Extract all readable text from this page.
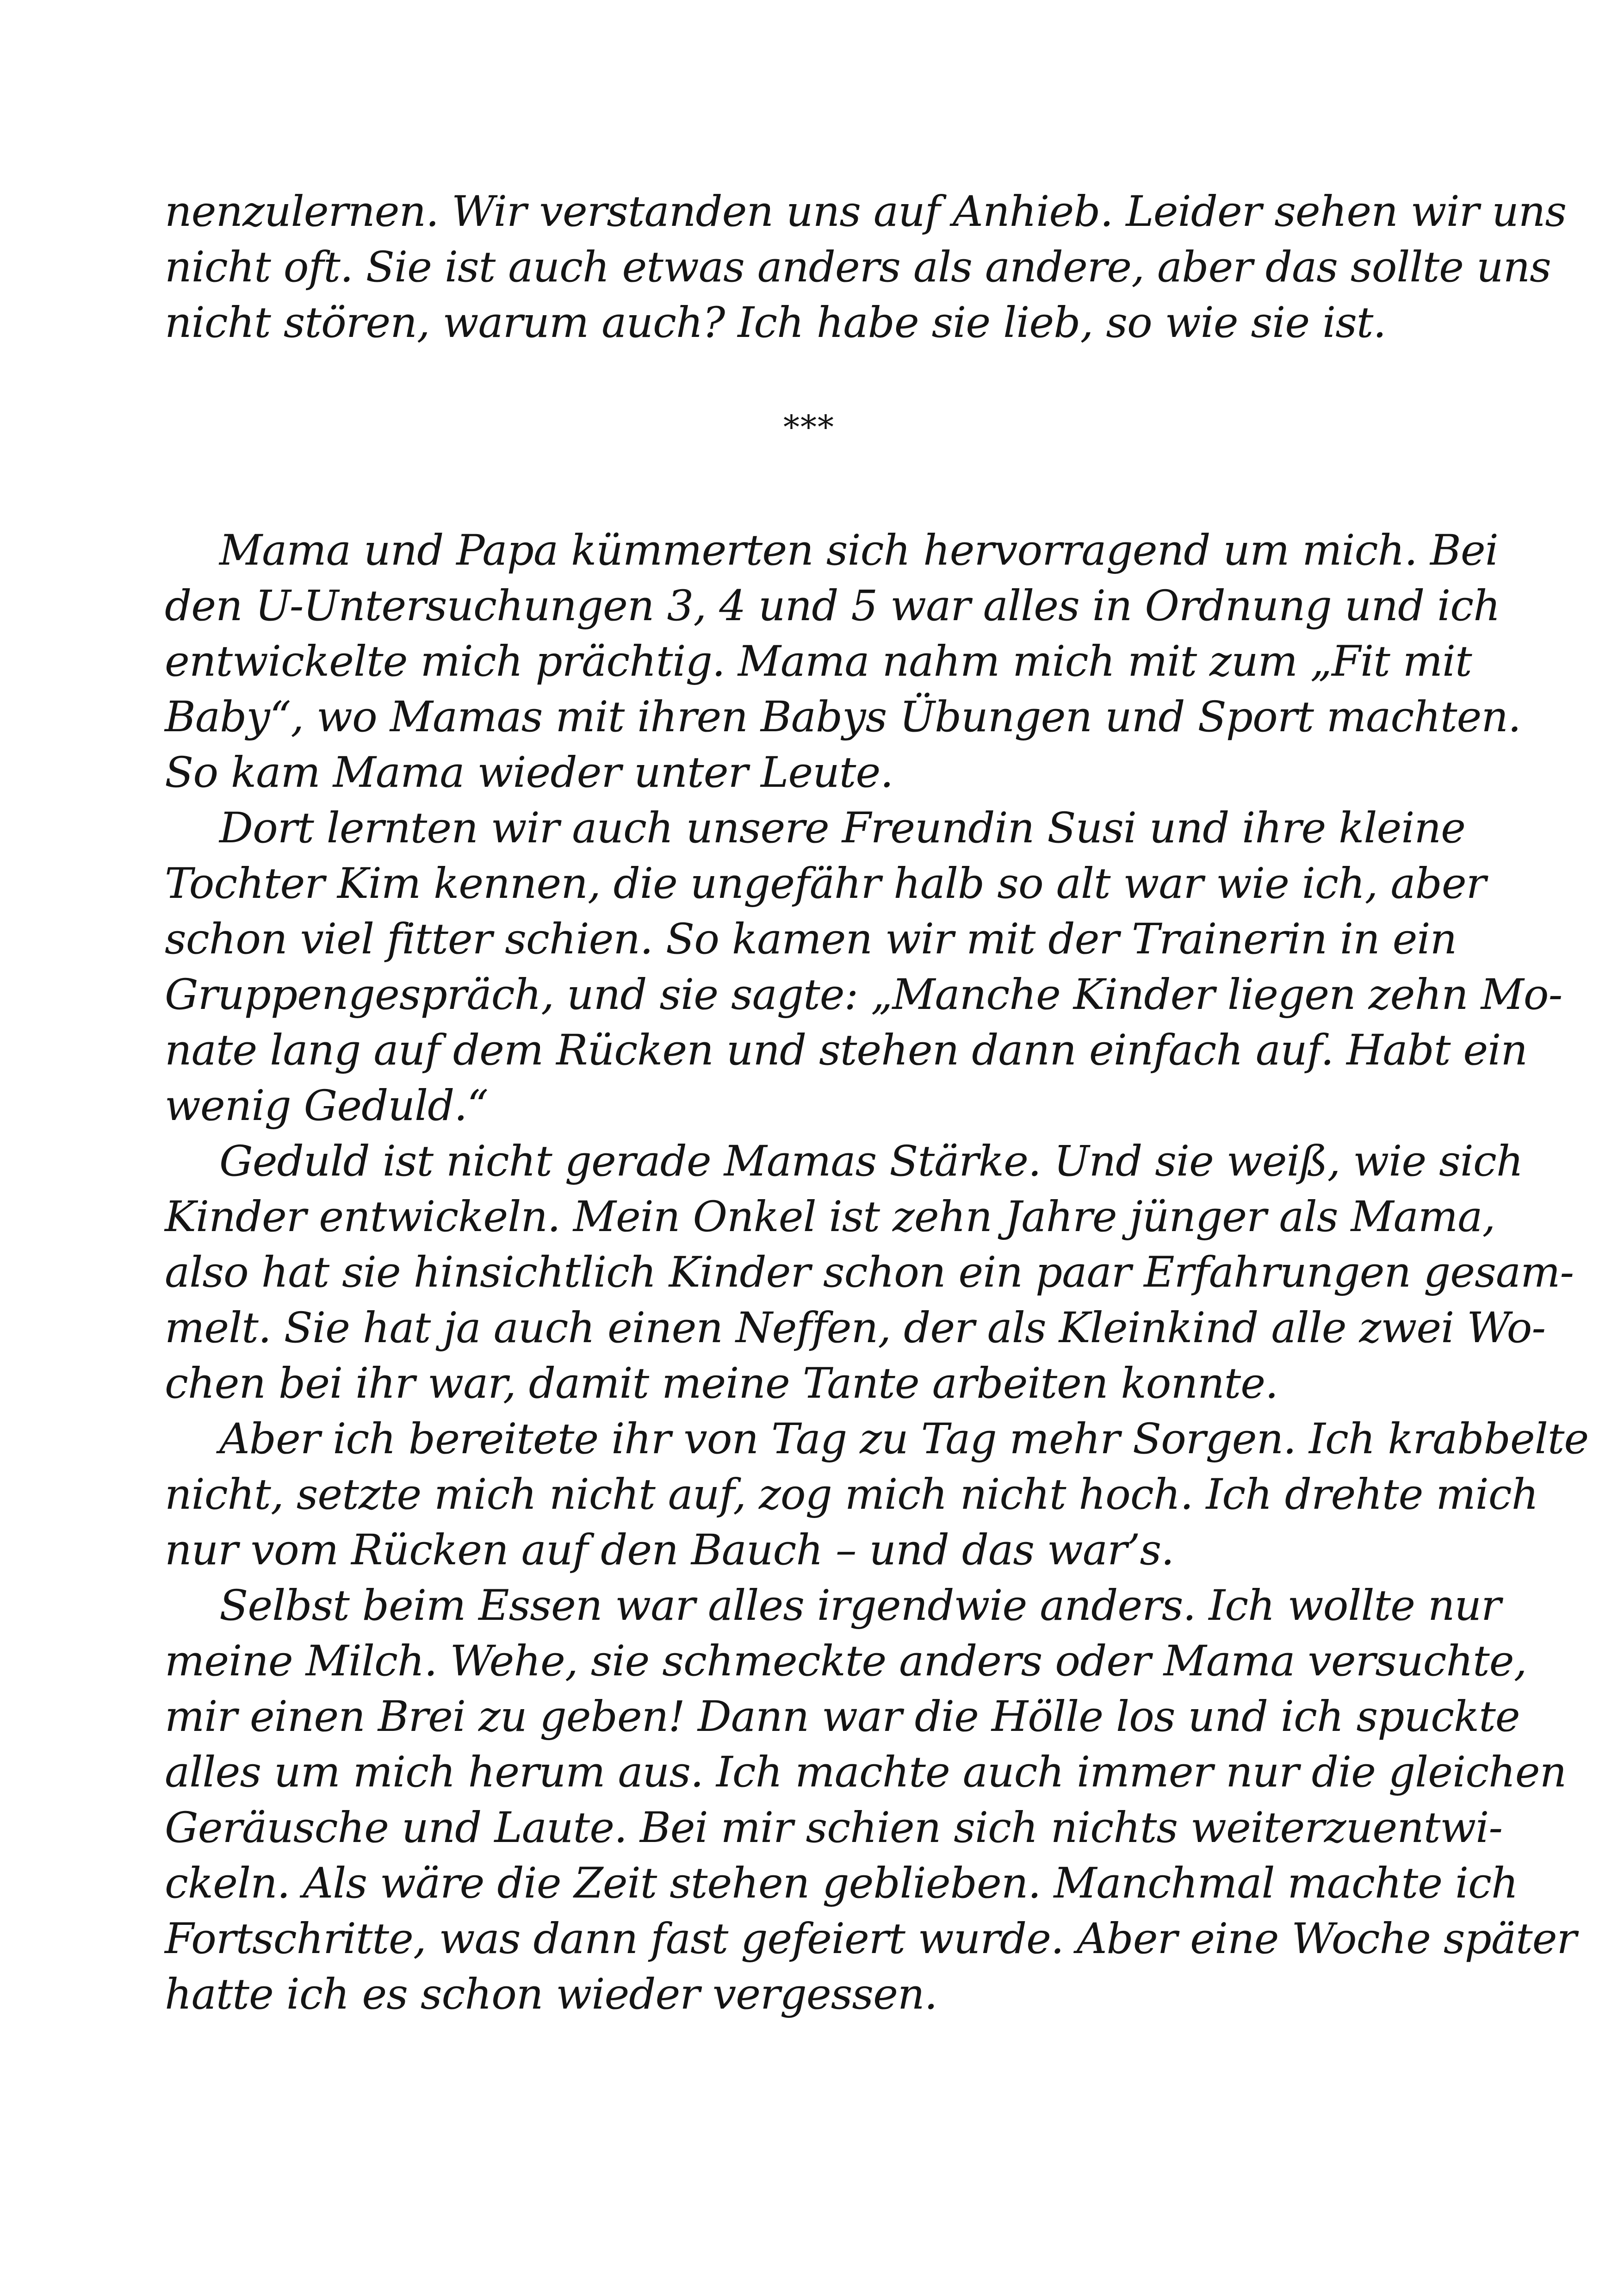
nenzulernen. Wir verstanden uns auf Anhieb. Leider sehen wir uns
nicht oft. Sie ist auch etwas anders als andere, aber das sollte uns
nicht stören, warum auch? Ich habe sie lieb, so wie sie ist.
***
Mama und Papa kümmerten sich hervorragend um mich. Bei
den U-Untersuchungen 3, 4 und 5 war alles in Ordnung und ich
entwickelte mich prächtig. Mama nahm mich mit zum „Fit mit
Baby“, wo Mamas mit ihren Babys Übungen und Sport machten.
So kam Mama wieder unter Leute.
Dort lernten wir auch unsere Freundin Susi und ihre kleine
Tochter Kim kennen, die ungefähr halb so alt war wie ich, aber
schon viel fitter schien. So kamen wir mit der Trainerin in ein
Gruppengespräch, und sie sagte: „Manche Kinder liegen zehn Mo-
nate lang auf dem Rücken und stehen dann einfach auf. Habt ein
wenig Geduld.“
Geduld ist nicht gerade Mamas Stärke. Und sie weiß, wie sich
Kinder entwickeln. Mein Onkel ist zehn Jahre jünger als Mama,
also hat sie hinsichtlich Kinder schon ein paar Erfahrungen gesam-
melt. Sie hat ja auch einen Neffen, der als Kleinkind alle zwei Wo-
chen bei ihr war, damit meine Tante arbeiten konnte.
Aber ich bereitete ihr von Tag zu Tag mehr Sorgen. Ich krabbelte
nicht, setzte mich nicht auf, zog mich nicht hoch. Ich drehte mich
nur vom Rücken auf den Bauch – und das war’s.
Selbst beim Essen war alles irgendwie anders. Ich wollte nur
meine Milch. Wehe, sie schmeckte anders oder Mama versuchte,
mir einen Brei zu geben! Dann war die Hölle los und ich spuckte
alles um mich herum aus. Ich machte auch immer nur die gleichen
Geräusche und Laute. Bei mir schien sich nichts weiterzuentwi-
ckeln. Als wäre die Zeit stehen geblieben. Manchmal machte ich
Fortschritte, was dann fast gefeiert wurde. Aber eine Woche später
hatte ich es schon wieder vergessen.
